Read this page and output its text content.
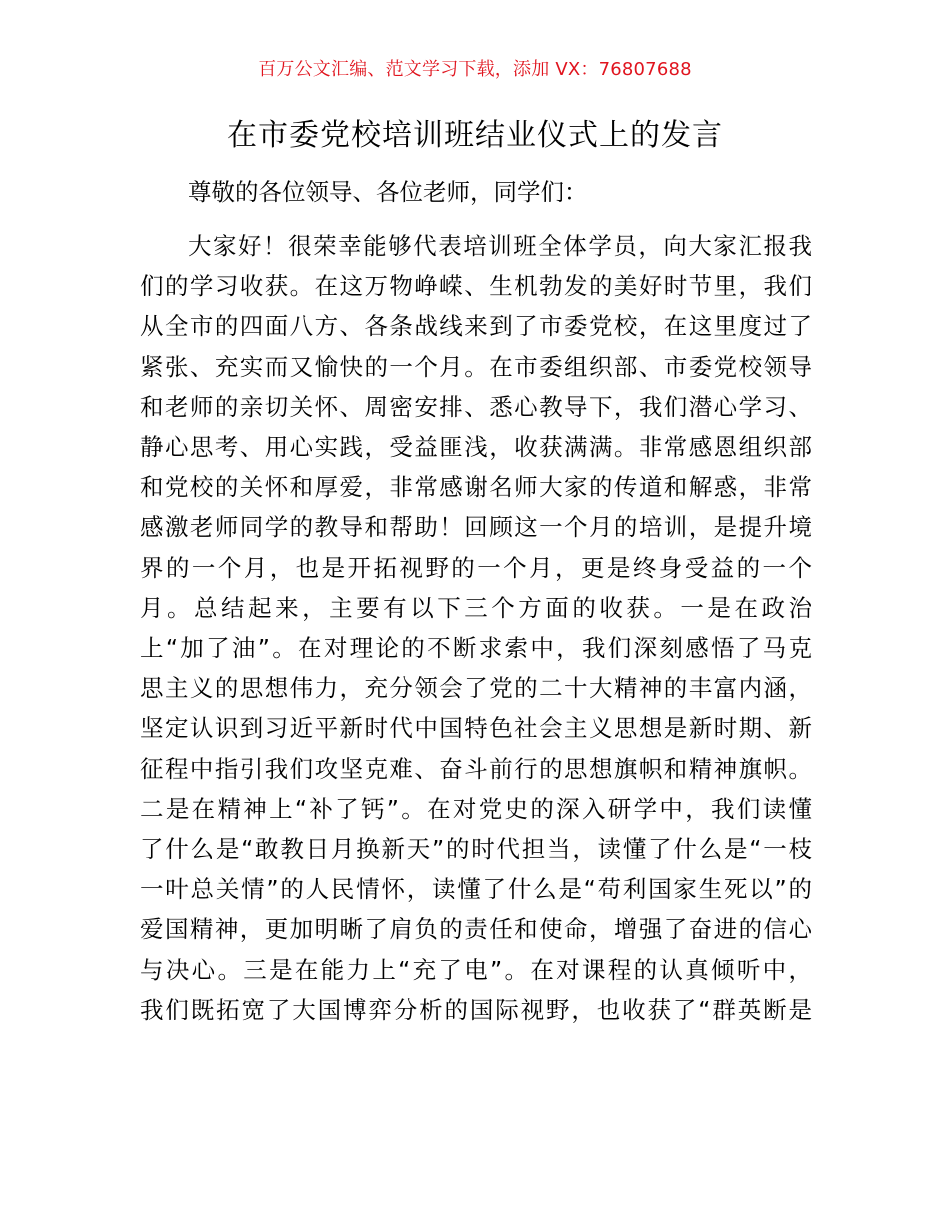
百万公文汇编、范文学习下载，添加 VX：76807688
在市委党校培训班结业仪式上的发言

尊敬的各位领导、各位老师，同学们：

大家好！很荣幸能够代表培训班全体学员，向大家汇报我
们的学习收获。在这万物峥嵘、生机勃发的美好时节里，我们
从全市的四面八方、各条战线来到了市委党校，在这里度过了
紧张、充实而又愉快的一个月。在市委组织部、市委党校领导
和老师的亲切关怀、周密安排、悉心教导下，我们潜心学习、
静心思考、用心实践，受益匪浅，收获满满。非常感恩组织部
和党校的关怀和厚爱，非常感谢名师大家的传道和解惑，非常
感激老师同学的教导和帮助！回顾这一个月的培训，是提升境
界的一个月，也是开拓视野的一个月，更是终身受益的一个
月。总结起来，主要有以下三个方面的收获。一是在政治
上“加了油”。在对理论的不断求索中，我们深刻感悟了马克
思主义的思想伟力，充分领会了党的二十大精神的丰富内涵，
坚定认识到习近平新时代中国特色社会主义思想是新时期、新
征程中指引我们攻坚克难、奋斗前行的思想旗帜和精神旗帜。
二是在精神上“补了钙”。在对党史的深入研学中，我们读懂
了什么是“敢教日月换新天”的时代担当，读懂了什么是“一枝
一叶总关情”的人民情怀，读懂了什么是“苟利国家生死以”的
爱国精神，更加明晰了肩负的责任和使命，增强了奋进的信心
与决心。三是在能力上“充了电”。在对课程的认真倾听中，
我们既拓宽了大国博弈分析的国际视野，也收获了“群英断是
